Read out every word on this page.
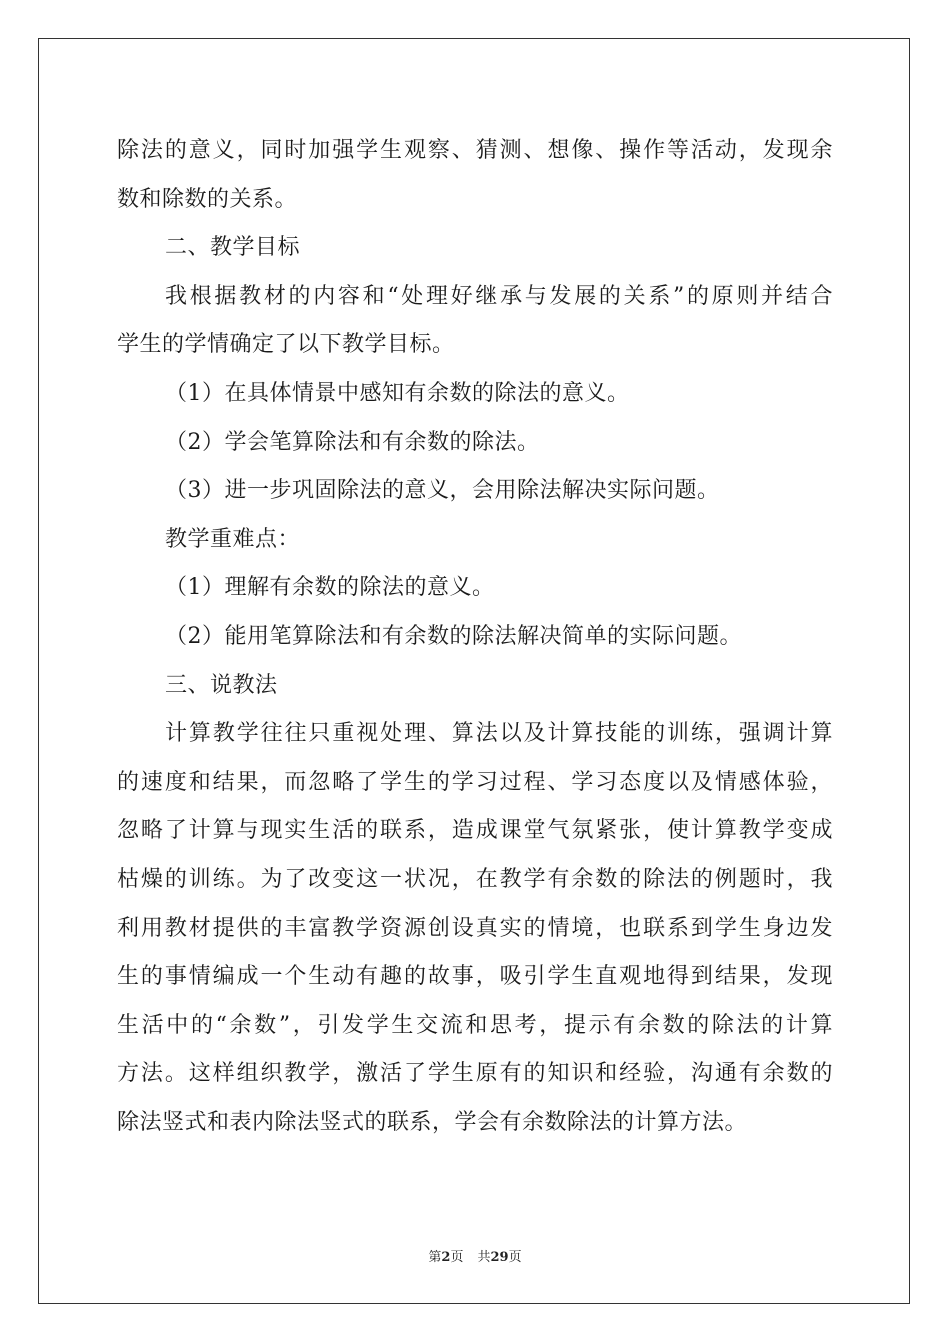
除法的意义，同时加强学生观察、猜测、想像、操作等活动，发现余
数和除数的关系。
二、教学目标
我根据教材的内容和“处理好继承与发展的关系”的原则并结合
学生的学情确定了以下教学目标。
（1）在具体情景中感知有余数的除法的意义。
（2）学会笔算除法和有余数的除法。
（3）进一步巩固除法的意义，会用除法解决实际问题。
教学重难点：
（1）理解有余数的除法的意义。
（2）能用笔算除法和有余数的除法解决简单的实际问题。
三、说教法
计算教学往往只重视处理、算法以及计算技能的训练，强调计算
的速度和结果，而忽略了学生的学习过程、学习态度以及情感体验，
忽略了计算与现实生活的联系，造成课堂气氛紧张，使计算教学变成
枯燥的训练。为了改变这一状况，在教学有余数的除法的例题时，我
利用教材提供的丰富教学资源创设真实的情境，也联系到学生身边发
生的事情编成一个生动有趣的故事，吸引学生直观地得到结果，发现
生活中的“余数”，引发学生交流和思考，提示有余数的除法的计算
方法。这样组织教学，激活了学生原有的知识和经验，沟通有余数的
除法竖式和表内除法竖式的联系，学会有余数除法的计算方法。
第2页 共29页
